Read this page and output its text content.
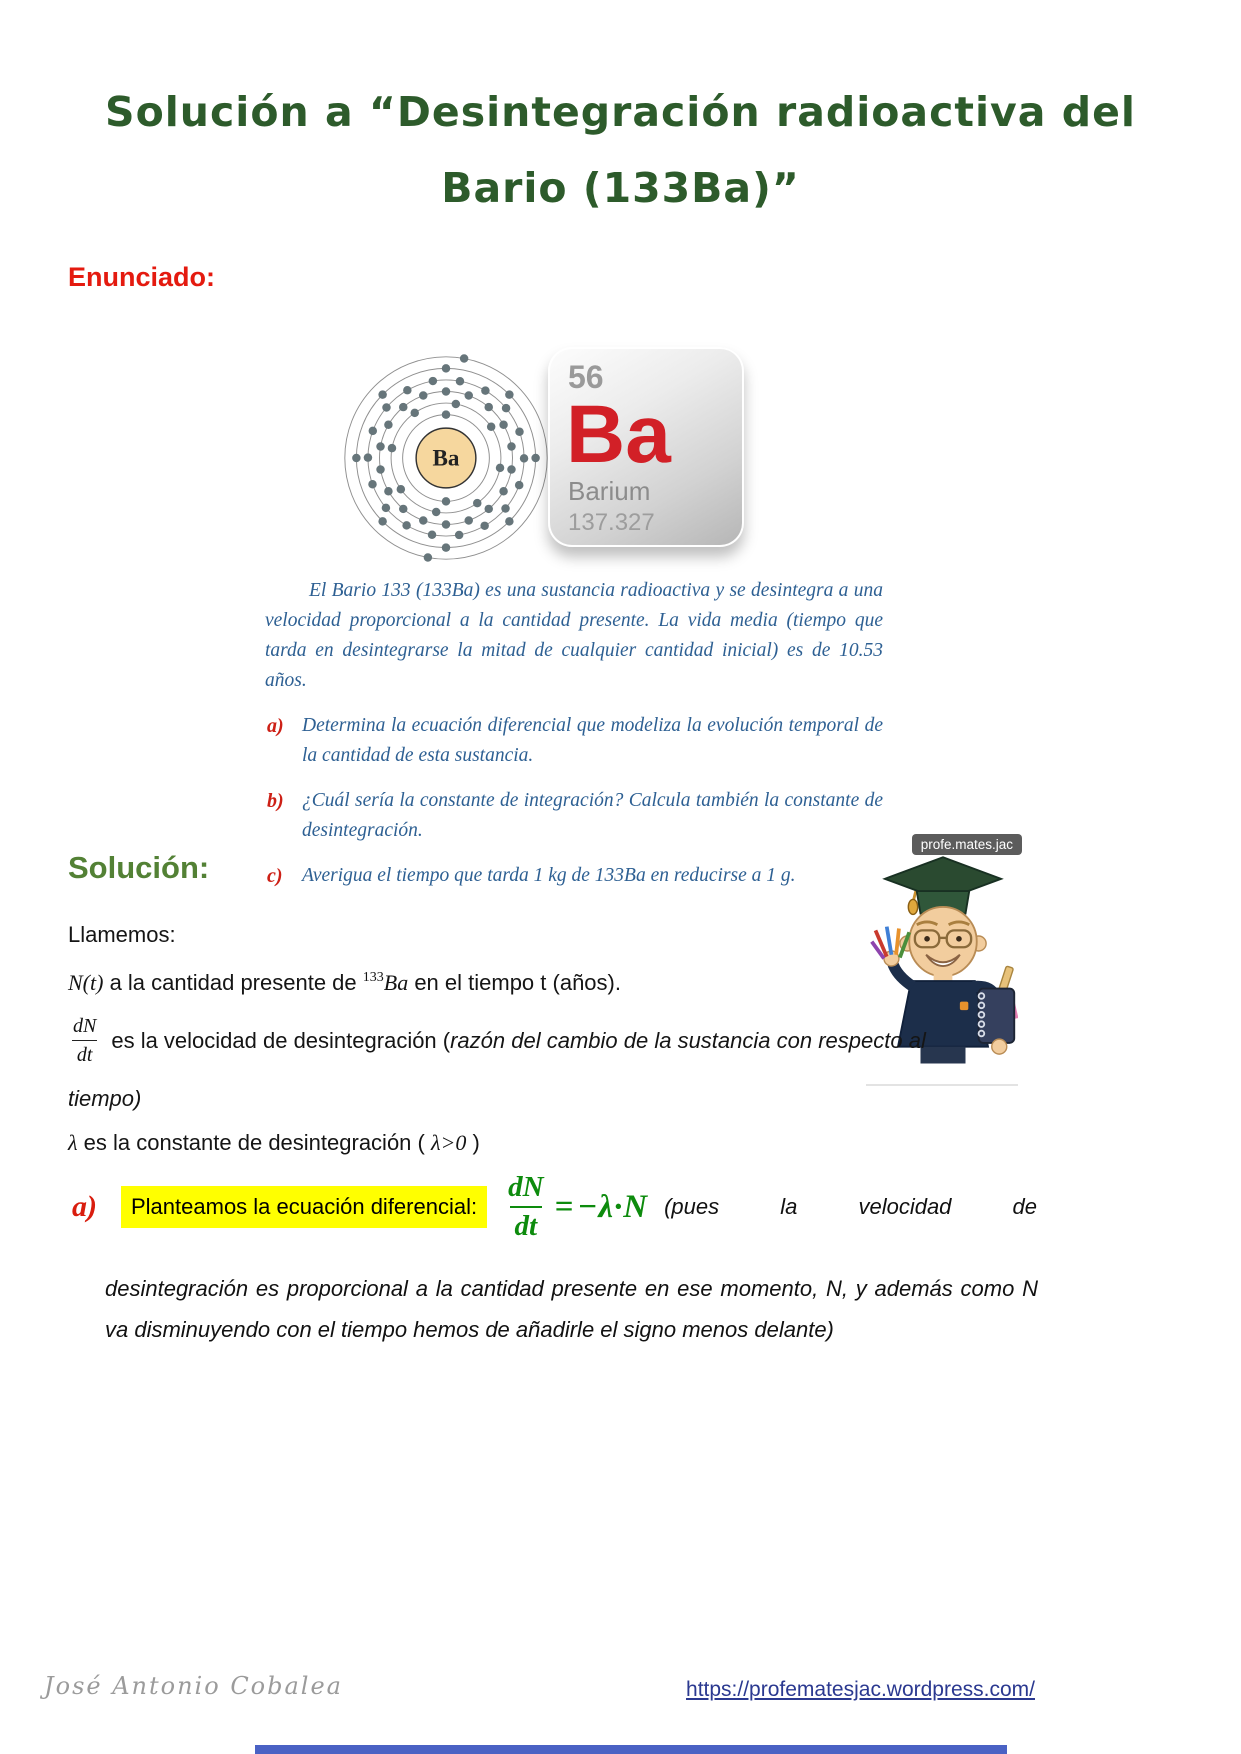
Solución a “Desintegración radioactiva del
Bario (133Ba)”
Enunciado:
Ba
56
Ba
Barium
137.327

El Bario 133 (133Ba) es una sustancia radioactiva y se desintegra a una velocidad proporcional a la cantidad presente. La vida media (tiempo que tarda en desintegrarse la mitad de cualquier cantidad inicial) es de 10.53 años.

a) Determina la ecuación diferencial que modeliza la evolución temporal de la cantidad de esta sustancia.
b) ¿Cuál sería la constante de integración? Calcula también la constante de desintegración.
c) Averigua el tiempo que tarda 1 kg de 133Ba en reducirse a 1 g.
Solución:
profe.mates.jac
Llamemos:
N(t) a la cantidad presente de $^{133}$Ba en el tiempo t (años).
$\frac{dN}{dt}$ es la velocidad de desintegración (razón del cambio de la sustancia con respecto al
tiempo)
λ es la constante de desintegración ( λ>0 )
a)	Planteamos la ecuación diferencial: $\frac{dN}{dt} = -\lambda\cdot N$ (pues la velocidad de
desintegración es proporcional a la cantidad presente en ese momento, N, y además como N va disminuyendo con el tiempo hemos de añadirle el signo menos delante)
José Antonio Cobalea	https://profematesjac.wordpress.com/
